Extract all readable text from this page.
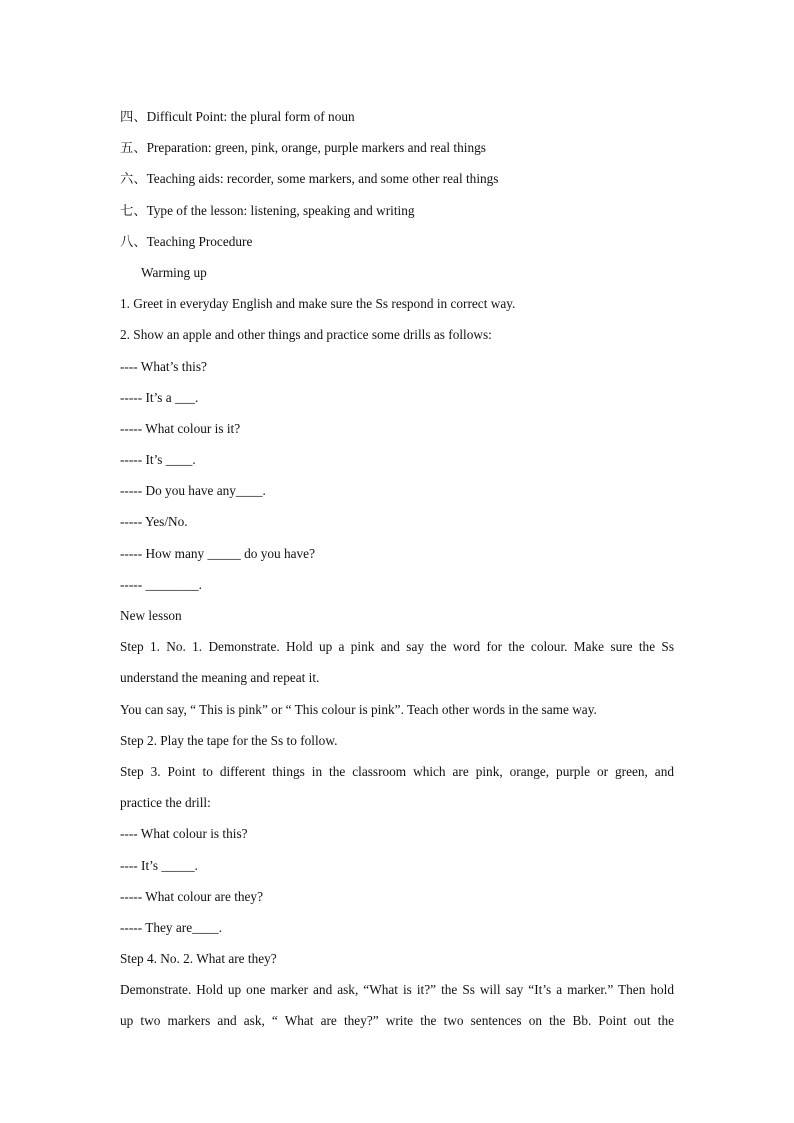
四、Difficult Point: the plural form of noun
五、Preparation: green, pink, orange, purple markers and real things
六、Teaching aids: recorder, some markers, and some other real things
七、Type of the lesson: listening, speaking and writing
八、Teaching Procedure
Warming up
1. Greet in everyday English and make sure the Ss respond in correct way.
2. Show an apple and other things and practice some drills as follows:
---- What’s this?
----- It’s a ___.
----- What colour is it?
----- It’s ____.
----- Do you have any____.
----- Yes/No.
----- How many _____ do you have?
----- ________.
New lesson
Step 1. No. 1. Demonstrate. Hold up a pink and say the word for the colour. Make sure the Ss
understand the meaning and repeat it.
You can say, “ This is pink” or “ This colour is pink”. Teach other words in the same way.
Step 2. Play the tape for the Ss to follow.
Step 3. Point to different things in the classroom which are pink, orange, purple or green, and
practice the drill:
---- What colour is this?
---- It’s _____.
----- What colour are they?
----- They are____.
Step 4. No. 2. What are they?
Demonstrate. Hold up one marker and ask, “What is it?” the Ss will say “It’s a marker.” Then hold
up two markers and ask, “ What are they?” write the two sentences on the Bb. Point out the
